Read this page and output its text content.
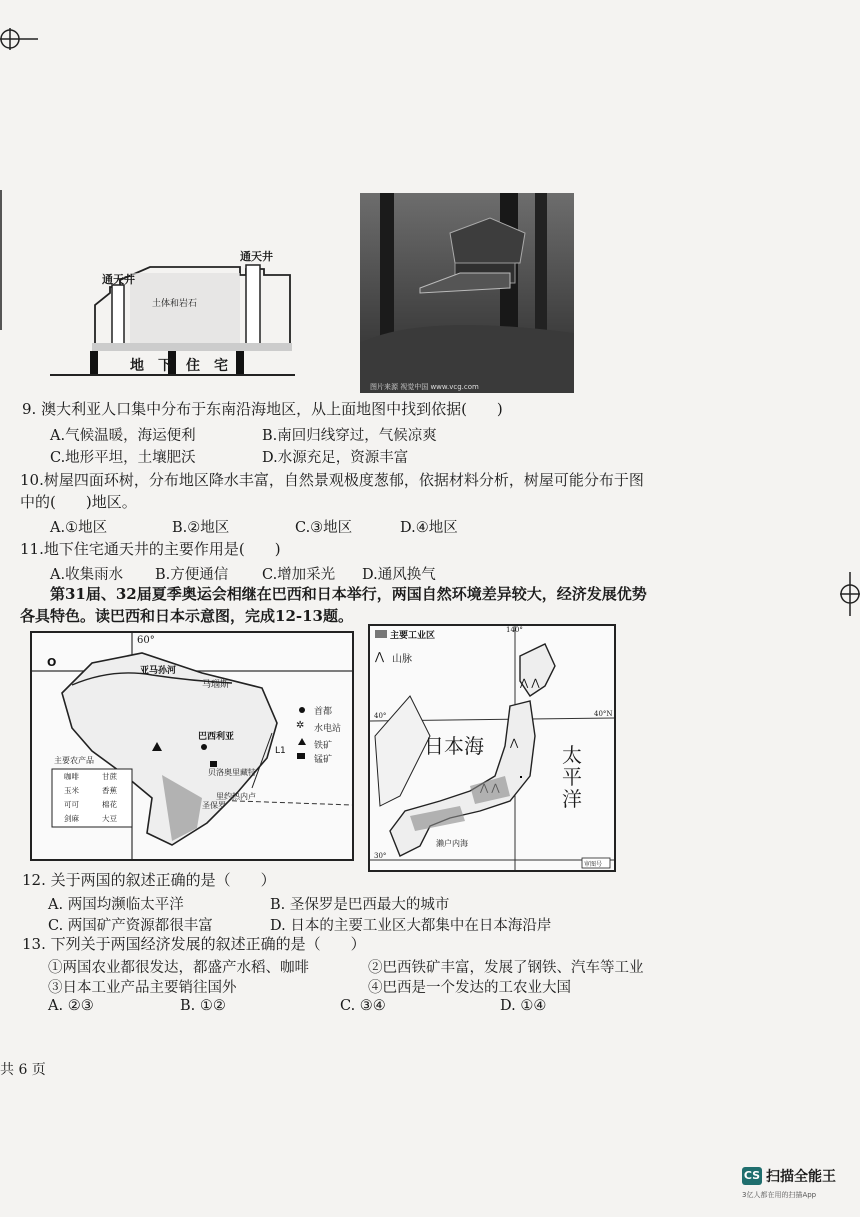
通天井
通天井
土体和岩石
地　下　住　宅
图片来源 视觉中国 www.vcg.com
9. 澳大利亚人口集中分布于东南沿海地区，从上面地图中找到依据(　　)
A.气候温暖，海运便利	B.南回归线穿过，气候凉爽
C.地形平坦，土壤肥沃	D.水源充足，资源丰富
10.树屋四面环树，分布地区降水丰富，自然景观极度葱郁，依据材料分析，树屋可能分布于图
中的(　　)地区。
A.①地区	B.②地区	C.③地区	D.④地区
11.地下住宅通天井的主要作用是(　　)
A.收集雨水 B.方便通信 C.增加采光 D.通风换气
第31届、32届夏季奥运会相继在巴西和日本举行，两国自然环境差异较大，经济发展优势
各具特色。读巴西和日本示意图，完成12-13题。
O
L1
✲
60°
亚马孙河
马瑙斯
巴西利亚
贝洛奥里藏特
里约热内卢
圣保罗
首都
水电站
铁矿
锰矿
主要农产品
咖啡	甘蔗
玉米	香蕉
可可	棉花
剑麻	大豆
⋀
⋀ ⋀
⋀
主要工业区
山脉
140°
40°	40°N
30°
日本海	太平洋
濑户内海
审图号
12. 关于两国的叙述正确的是（　　）
A. 两国均濒临太平洋	B. 圣保罗是巴西最大的城市
C. 两国矿产资源都很丰富	D. 日本的主要工业区大都集中在日本海沿岸
13. 下列关于两国经济发展的叙述正确的是（　　）
①两国农业都很发达，都盛产水稻、咖啡	②巴西铁矿丰富，发展了钢铁、汽车等工业
③日本工业产品主要销往国外	④巴西是一个发达的工农业大国
A. ②③	B. ①②	C. ③④	D. ①④
共 6 页
CS 扫描全能王
3亿人都在用的扫描App
